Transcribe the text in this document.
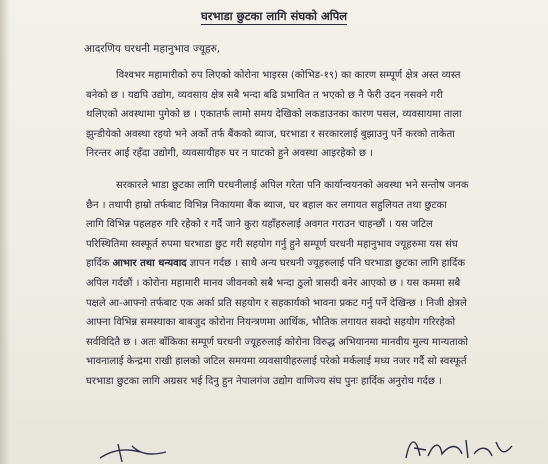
घरभाडा छुटका लागि संघको अपिल
आदरणिय घरधनी महानुभाव ज्यूहरु,
विश्वभर महामारीको रुप लिएको कोरोना भाइरस (कोभिड-१९) का कारण सम्पूर्ण क्षेत्र अस्त व्यस्त
बनेको छ । यद्यपि उद्योग, व्यवसाय क्षेत्र सबै भन्दा बढि प्रभावित त भएको छ नै फेरी उदन नसक्ने गरी
थलिएको अवस्थामा पुगेको छ । एकातर्फ लामो समय देखिको लकडाउनका कारण पसल, व्यवसायमा ताला
झुन्डीयेको अवस्था रहयो भने अर्को तर्फ बैंकको ब्याज, घरभाडा र सरकारलाई बुझाउनु पर्ने करको ताकेता
निरन्तर आई रहँदा उद्योगी, व्यवसायीहरु घर न घाटको हुने अवस्था आइरहेको छ ।
सरकारले भाडा छुटका लागि घरधनीलाई अपिल गरेता पनि कार्यान्वयनको अवस्था भने सन्तोष जनक
छैन । तथापी हाम्रो तर्फबाट विभिन्न निकायमा बैंक ब्याज, घर बहाल कर लगायत सहुलियत तथा छुटका
लागि विभिन्न पहलहरु गरि रहेको र गर्दै जाने कुरा यहाँहरुलाई अवगत गराउन चाहन्छौं । यस जटिल
परिस्थितिमा स्वस्फूर्त रुपमा घरभाडा छुट गरी सहयोग गर्नु हुने सम्पूर्ण घरधनी महानुभाव ज्यूहरुमा यस संघ
हार्दिक आभार तथा धन्यवाद ज्ञापन गर्दछ । साथै अन्य घरधनी ज्यूहरुलाई पनि घरभाडा छुटका लागि हार्दिक
अपिल गर्दछौं । कोरोना महामारी मानव जीवनको सबै भन्दा ठुलो त्रासदी बनेर आएको छ । यस कममा सबै
पक्षले आ-आफ्नो तर्फबाट एक अर्का प्रति सहयोग र सहकार्यको भावना प्रकट गर्नु पर्ने देखिन्छ । निजी क्षेत्रले
आफ्ना विभिन्न समस्याका बाबजुद कोरोना नियन्त्रणमा आर्थिक, भौतिक लगायत सक्दो सहयोग गरिरहेको
सर्वविदितै छ । अतः बाँकिका सम्पूर्ण घरधनी ज्यूहरुलाई कोरोना विरुद्ध अभियानमा मानवीय मुल्य मान्यताको
भावनालाई केन्द्रमा राखी हालको जटिल समयमा व्यवसायीहरुलाई परेको मर्कलाई मध्य नजर गर्दै सो स्वस्फूर्त
घरभाडा छुटका लागि अग्रसर भई दिनु हुन नेपालगंज उद्योग वाणिज्य संघ पुनः हार्दिक अनुरोध गर्दछ ।
